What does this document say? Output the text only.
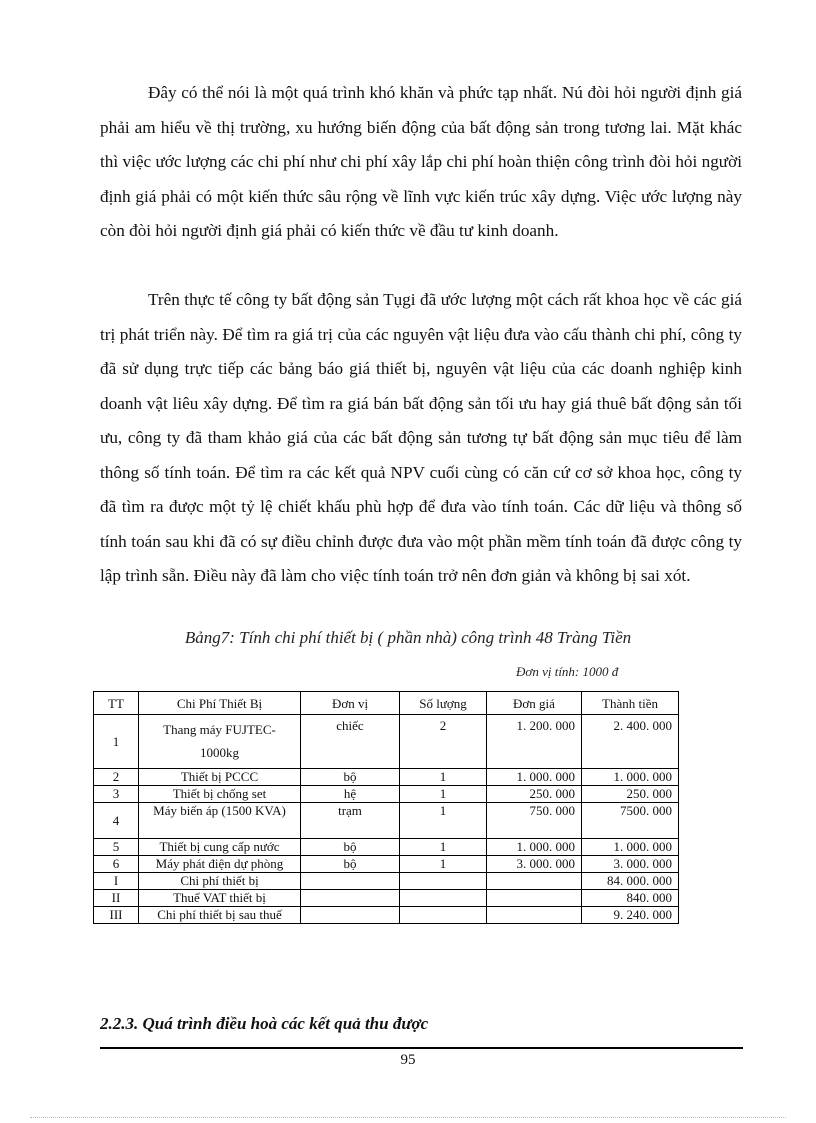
Đây có thể nói là một quá trình khó khăn và phức tạp nhất. Nú đòi hỏi người định giá phải am hiểu về thị trường, xu hướng biến động của bất động sản trong tương lai. Mặt khác thì việc ước lượng các chi phí như chi phí xây lắp chi phí hoàn thiện công trình đòi hỏi người định giá phải có một kiến thức sâu rộng về lĩnh vực kiến trúc xây dựng. Việc ước lượng này còn đòi hỏi người định giá phải có kiến thức về đầu tư kinh doanh.

Trên thực tế công ty bất động sản Tụgi đã ước lượng một cách rất khoa học về các giá trị phát triển này. Để tìm ra giá trị của các nguyên vật liệu đưa vào cấu thành chi phí, công ty đã sử dụng trực tiếp các bảng báo giá thiết bị, nguyên vật liệu của các doanh nghiệp kinh doanh vật liêu xây dựng. Để tìm ra giá bán bất động sản tối ưu hay giá thuê bất động sản tối ưu, công ty đã tham khảo giá của các bất động sản tương tự bất động sản mục tiêu để làm thông số tính toán. Để tìm ra các kết quả NPV cuối cùng có căn cứ cơ sở khoa học, công ty đã tìm ra được một tỷ lệ chiết khấu phù hợp để đưa vào tính toán. Các dữ liệu và thông số tính toán sau khi đã có sự điều chỉnh được đưa vào một phần mềm tính toán đã được công ty lập trình sẵn. Điều này đã làm cho việc tính toán trở nên đơn giản và không bị sai xót.

Bảng7: Tính chi phí thiết bị ( phần nhà) công trình 48 Tràng Tiền
Đơn vị tính: 1000 đ
TT	Chi Phí Thiết Bị	Đơn vị	Số lượng	Đơn giá	Thành tiền
1	Thang máy FUJTEC-1000kg	chiếc	2	1. 200. 000	2. 400. 000
2	Thiết bị PCCC	bộ	1	1. 000. 000	1. 000. 000
3	Thiết bị chống set	hệ	1	250. 000	250. 000
4	Máy biến áp (1500 KVA)	trạm	1	750. 000	7500. 000
5	Thiết bị cung cấp nước	bộ	1	1. 000. 000	1. 000. 000
6	Máy phát điện dự phòng	bộ	1	3. 000. 000	3. 000. 000
I	Chi phí thiết bị				84. 000. 000
II	Thuế VAT thiết bị				840. 000
III	Chi phí thiết bị sau thuế				9. 240. 000
2.2.3. Quá trình điều hoà các kết quả thu được
95
